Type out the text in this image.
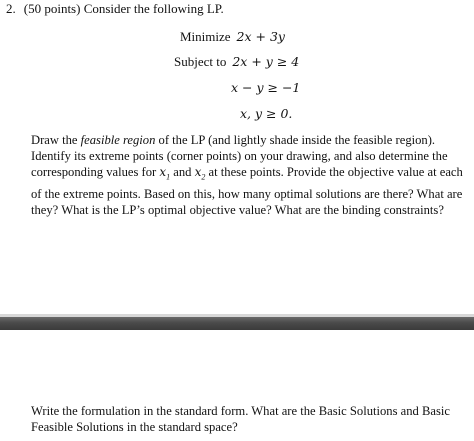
2. (50 points) Consider the following LP.
Minimize 2x + 3y
Subject to 2x + y ≥ 4
x − y ≥ −1
x, y ≥ 0.
Draw the feasible region of the LP (and lightly shade inside the feasible region). Identify its extreme points (corner points) on your drawing, and also determine the corresponding values for $x_1$ and $x_2$ at these points. Provide the objective value at each of the extreme points. Based on this, how many optimal solutions are there? What are they? What is the LP’s optimal objective value? What are the binding constraints?
Write the formulation in the standard form. What are the Basic Solutions and Basic Feasible Solutions in the standard space?
